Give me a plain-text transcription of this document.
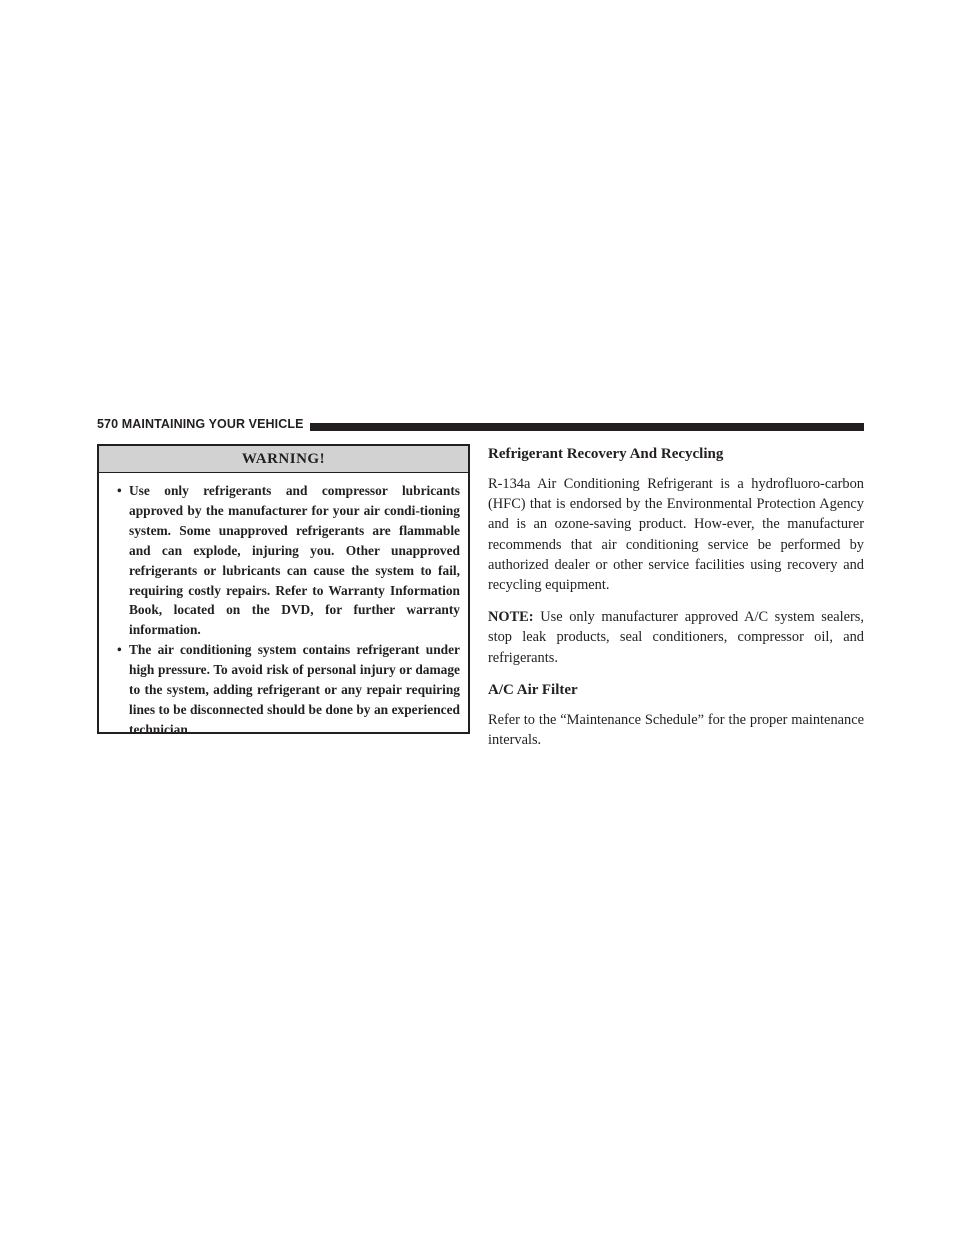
570 MAINTAINING YOUR VEHICLE
WARNING!
• Use only refrigerants and compressor lubricants approved by the manufacturer for your air condi-tioning system. Some unapproved refrigerants are flammable and can explode, injuring you. Other unapproved refrigerants or lubricants can cause the system to fail, requiring costly repairs. Refer to Warranty Information Book, located on the DVD, for further warranty information.
• The air conditioning system contains refrigerant under high pressure. To avoid risk of personal injury or damage to the system, adding refrigerant or any repair requiring lines to be disconnected should be done by an experienced technician.
Refrigerant Recovery And Recycling

R-134a Air Conditioning Refrigerant is a hydrofluoro-carbon (HFC) that is endorsed by the Environmental Protection Agency and is an ozone-saving product. How-ever, the manufacturer recommends that air conditioning service be performed by authorized dealer or other service facilities using recovery and recycling equipment.

NOTE: Use only manufacturer approved A/C system sealers, stop leak products, seal conditioners, compressor oil, and refrigerants.

A/C Air Filter

Refer to the “Maintenance Schedule” for the proper maintenance intervals.
